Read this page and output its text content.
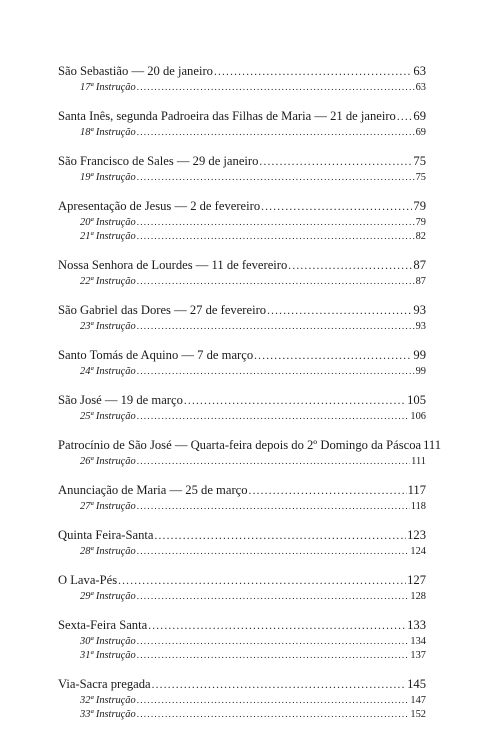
São Sebastião — 20 de janeiro .....	63
17ª Instrução .....	63
Santa Inês, segunda Padroeira das Filhas de Maria — 21 de janeiro ..... 69
18ª Instrução .....	69
São Francisco de Sales — 29 de janeiro .....	75
19ª Instrução .....	75
Apresentação de Jesus — 2 de fevereiro .....	79
20ª Instrução .....	79
21ª Instrução .....	82
Nossa Senhora de Lourdes — 11 de fevereiro .....	87
22ª Instrução .....	87
São Gabriel das Dores — 27 de fevereiro .....	93
23ª Instrução .....	93
Santo Tomás de Aquino — 7 de março .....	99
24ª Instrução .....	99
São José — 19 de março .....	105
25ª Instrução .....	106
Patrocínio de São José — Quarta-feira depois do 2º Domingo da Páscoa 111
26ª Instrução .....	111
Anunciação de Maria — 25 de março .....	117
27ª Instrução .....	118
Quinta Feira-Santa .....	123
28ª Instrução .....	124
O Lava-Pés .....	127
29ª Instrução .....	128
Sexta-Feira Santa .....	133
30ª Instrução .....	134
31ª Instrução .....	137
Via-Sacra pregada .....	145
32ª Instrução .....	147
33ª Instrução .....	152
